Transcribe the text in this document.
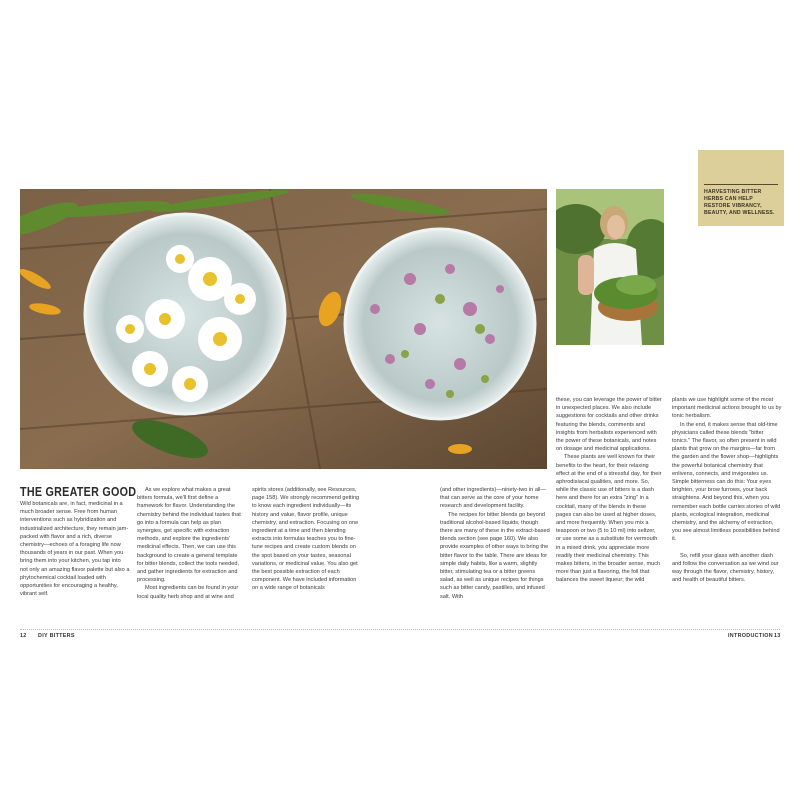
HARVESTING BITTER HERBS CAN HELP RESTORE VIBRANCY, BEAUTY, AND WELLNESS.
THE GREATER GOOD

Wild botanicals are, in fact, medicinal in a much broader sense. Free from human interventions such as hybridization and industrialized architecture, they remain jam-packed with flavor and a rich, diverse chemistry—echoes of a foraging life now thousands of years in our past. When you bring them into your kitchen, you tap into not only an amazing flavor palette but also a phytochemical cocktail loaded with opportunities for encouraging a healthy, vibrant self.

As we explore what makes a great bitters formula, we'll first define a framework for flavor. Understanding the chemistry behind the individual tastes that go into a formula can help as plan synergies, get specific with extraction methods, and explore the ingredients' medicinal effects. Then, we can use this background to create a general template for bitter blends, collect the tools needed, and gather ingredients for extraction and processing.

Most ingredients can be found in your local quality herb shop and at wine and

spirits stores (additionally, see Resources, page 158). We strongly recommend getting to know each ingredient individually—its history and value, flavor profile, unique chemistry, and extraction. Focusing on one ingredient at a time and then blending extracts into formulas teaches you to fine-tune recipes and create custom blends on the spot based on your tastes, seasonal variations, or medicinal value. You also get the best possible extraction of each component. We have included information on a wide range of botanicals

(and other ingredients)—ninety-two in all—that can serve as the core of your home research and development facility.

The recipes for bitter blends go beyond traditional alcohol-based liquids, though there are many of these in the extract-based blends section (see page 160). We also provide examples of other ways to bring the bitter flavor to the table. There are ideas for simple daily habits, like a warm, slightly bitter, stimulating tea or a bitter greens salad, as well as unique recipes for things such as bitter candy, pastilles, and infused salt. With

these, you can leverage the power of bitter in unexpected places. We also include suggestions for cocktails and other drinks featuring the blends, comments and insights from herbalists experienced with the power of these botanicals, and notes on dosage and medicinal applications.

These plants are well known for their benefits to the heart, for their relaxing effect at the end of a stressful day, for their aphrodisiacal qualities, and more. So, while the classic use of bitters is a dash here and there for an extra "zing" in a cocktail, many of the blends in these pages can also be used at higher doses, and more frequently. When you mix a teaspoon or two (5 to 10 ml) into seltzer, or use some as a substitute for vermouth in a mixed drink, you appreciate more readily their medicinal chemistry. This makes bitters, in the broader sense, much more than just a flavoring, the foil that balances the sweet liqueur; the wild

plants we use highlight some of the most important medicinal actions brought to us by tonic herbalism.

In the end, it makes sense that old-time physicians called these blends "bitter tonics." The flavor, so often present in wild plants that grow on the margins—far from the garden and the flower shop—highlights the powerful botanical chemistry that enlivens, connects, and invigorates us. Simple bitterness can do this: Your eyes brighten, your brow furrows, your back straightens. And beyond this, when you remember each bottle carries stories of wild plants, ecological integration, medicinal chemistry, and the alchemy of extraction, you see almost limitless possibilities behind it.

So, refill your glass with another dash and follow the conversation as we wind our way through the flavor, chemistry, history, and health of beautiful bitters.

12 DIY BITTERS	INTRODUCTION 13
